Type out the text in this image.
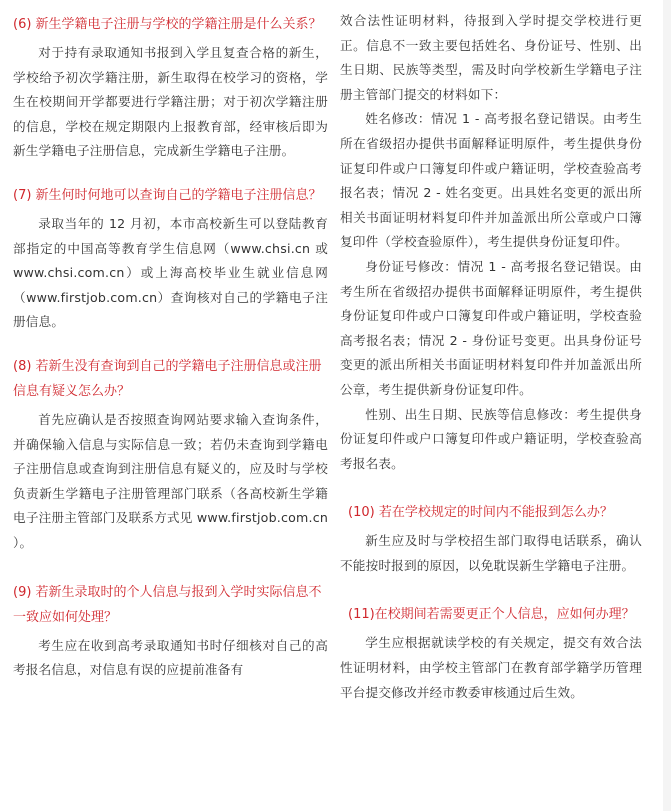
(6) 新生学籍电子注册与学校的学籍注册是什么关系？

对于持有录取通知书报到入学且复查合格的新生，学校给予初次学籍注册，新生取得在校学习的资格，学生在校期间开学都要进行学籍注册；对于初次学籍注册的信息，学校在规定期限内上报教育部，经审核后即为新生学籍电子注册信息，完成新生学籍电子注册。

(7) 新生何时何地可以查询自己的学籍电子注册信息？

录取当年的 12 月初，本市高校新生可以登陆教育部指定的中国高等教育学生信息网（www.chsi.cn 或 www.chsi.com.cn）或上海高校毕业生就业信息网（www.firstjob.com.cn）查询核对自己的学籍电子注册信息。

(8) 若新生没有查询到自己的学籍电子注册信息或注册信息有疑义怎么办？

首先应确认是否按照查询网站要求输入查询条件，并确保输入信息与实际信息一致；若仍未查询到学籍电子注册信息或查询到注册信息有疑义的，应及时与学校负责新生学籍电子注册管理部门联系（各高校新生学籍电子注册主管部门及联系方式见 www.firstjob.com.cn ）。

(9) 若新生录取时的个人信息与报到入学时实际信息不一致应如何处理？

考生应在收到高考录取通知书时仔细核对自己的高考报名信息，对信息有误的应提前准备有

效合法性证明材料，待报到入学时提交学校进行更正。信息不一致主要包括姓名、身份证号、性别、出生日期、民族等类型，需及时向学校新生学籍电子注册主管部门提交的材料如下：

姓名修改：情况 1 - 高考报名登记错误。由考生所在省级招办提供书面解释证明原件，考生提供身份证复印件或户口簿复印件或户籍证明，学校查验高考报名表；情况 2 - 姓名变更。出具姓名变更的派出所相关书面证明材料复印件并加盖派出所公章或户口簿复印件（学校查验原件），考生提供身份证复印件。

身份证号修改：情况 1 - 高考报名登记错误。由考生所在省级招办提供书面解释证明原件，考生提供身份证复印件或户口簿复印件或户籍证明，学校查验高考报名表；情况 2 - 身份证号变更。出具身份证号变更的派出所相关书面证明材料复印件并加盖派出所公章，考生提供新身份证复印件。

性别、出生日期、民族等信息修改：考生提供身份证复印件或户口簿复印件或户籍证明，学校查验高考报名表。

(10) 若在学校规定的时间内不能报到怎么办？

新生应及时与学校招生部门取得电话联系，确认不能按时报到的原因，以免耽误新生学籍电子注册。

(11)在校期间若需要更正个人信息，应如何办理？

学生应根据就读学校的有关规定，提交有效合法性证明材料，由学校主管部门在教育部学籍学历管理平台提交修改并经市教委审核通过后生效。
